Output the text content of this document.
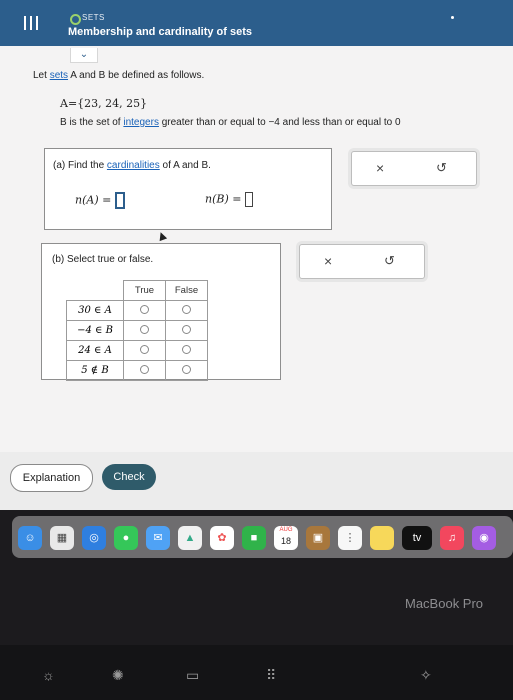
SETS
Membership and cardinality of sets
⌄
Let sets A and B be defined as follows.
A={23, 24, 25}
B is the set of integers greater than or equal to −4 and less than or equal to 0
(a) Find the cardinalities of A and B.
n(A) =	n(B) =
×	↺
(b) Select true or false.
	True	False
30 ∈ A		
−4 ∈ B		
24 ∈ A		
5 ∉ B		
×	↺
Explanation	Check
☺	▦	◎	●	✉	▲	✿	■
AUG
18	▣	⋮	tv	♫	◉
MacBook Pro
☼	✺	▭	⠿	✧
